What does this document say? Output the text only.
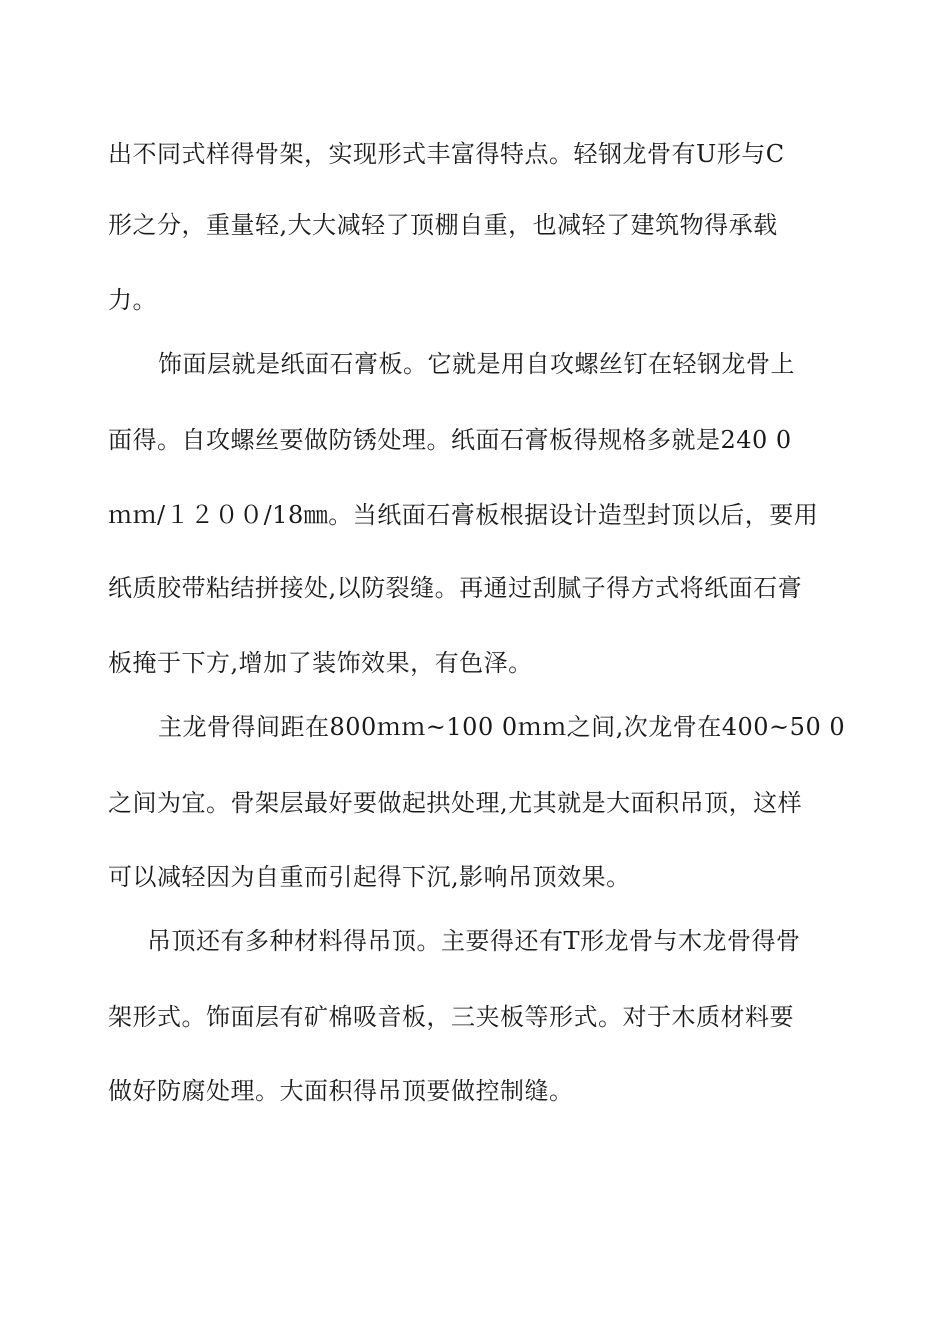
出不同式样得骨架，实现形式丰富得特点。轻钢龙骨有U形与C
形之分，重量轻,大大减轻了顶棚自重，也减轻了建筑物得承载
力。
饰面层就是纸面石膏板。它就是用自攻螺丝钉在轻钢龙骨上
面得。自攻螺丝要做防锈处理。纸面石膏板得规格多就是240 0
ｍｍ/１２００/18㎜。当纸面石膏板根据设计造型封顶以后，要用
纸质胶带粘结拼接处,以防裂缝。再通过刮腻子得方式将纸面石膏
板掩于下方,增加了装饰效果，有色泽。
主龙骨得间距在800ｍｍ~100 0ｍｍ之间,次龙骨在400~50 0
之间为宜。骨架层最好要做起拱处理,尤其就是大面积吊顶，这样
可以减轻因为自重而引起得下沉,影响吊顶效果。
吊顶还有多种材料得吊顶。主要得还有T形龙骨与木龙骨得骨
架形式。饰面层有矿棉吸音板，三夹板等形式。对于木质材料要
做好防腐处理。大面积得吊顶要做控制缝。
